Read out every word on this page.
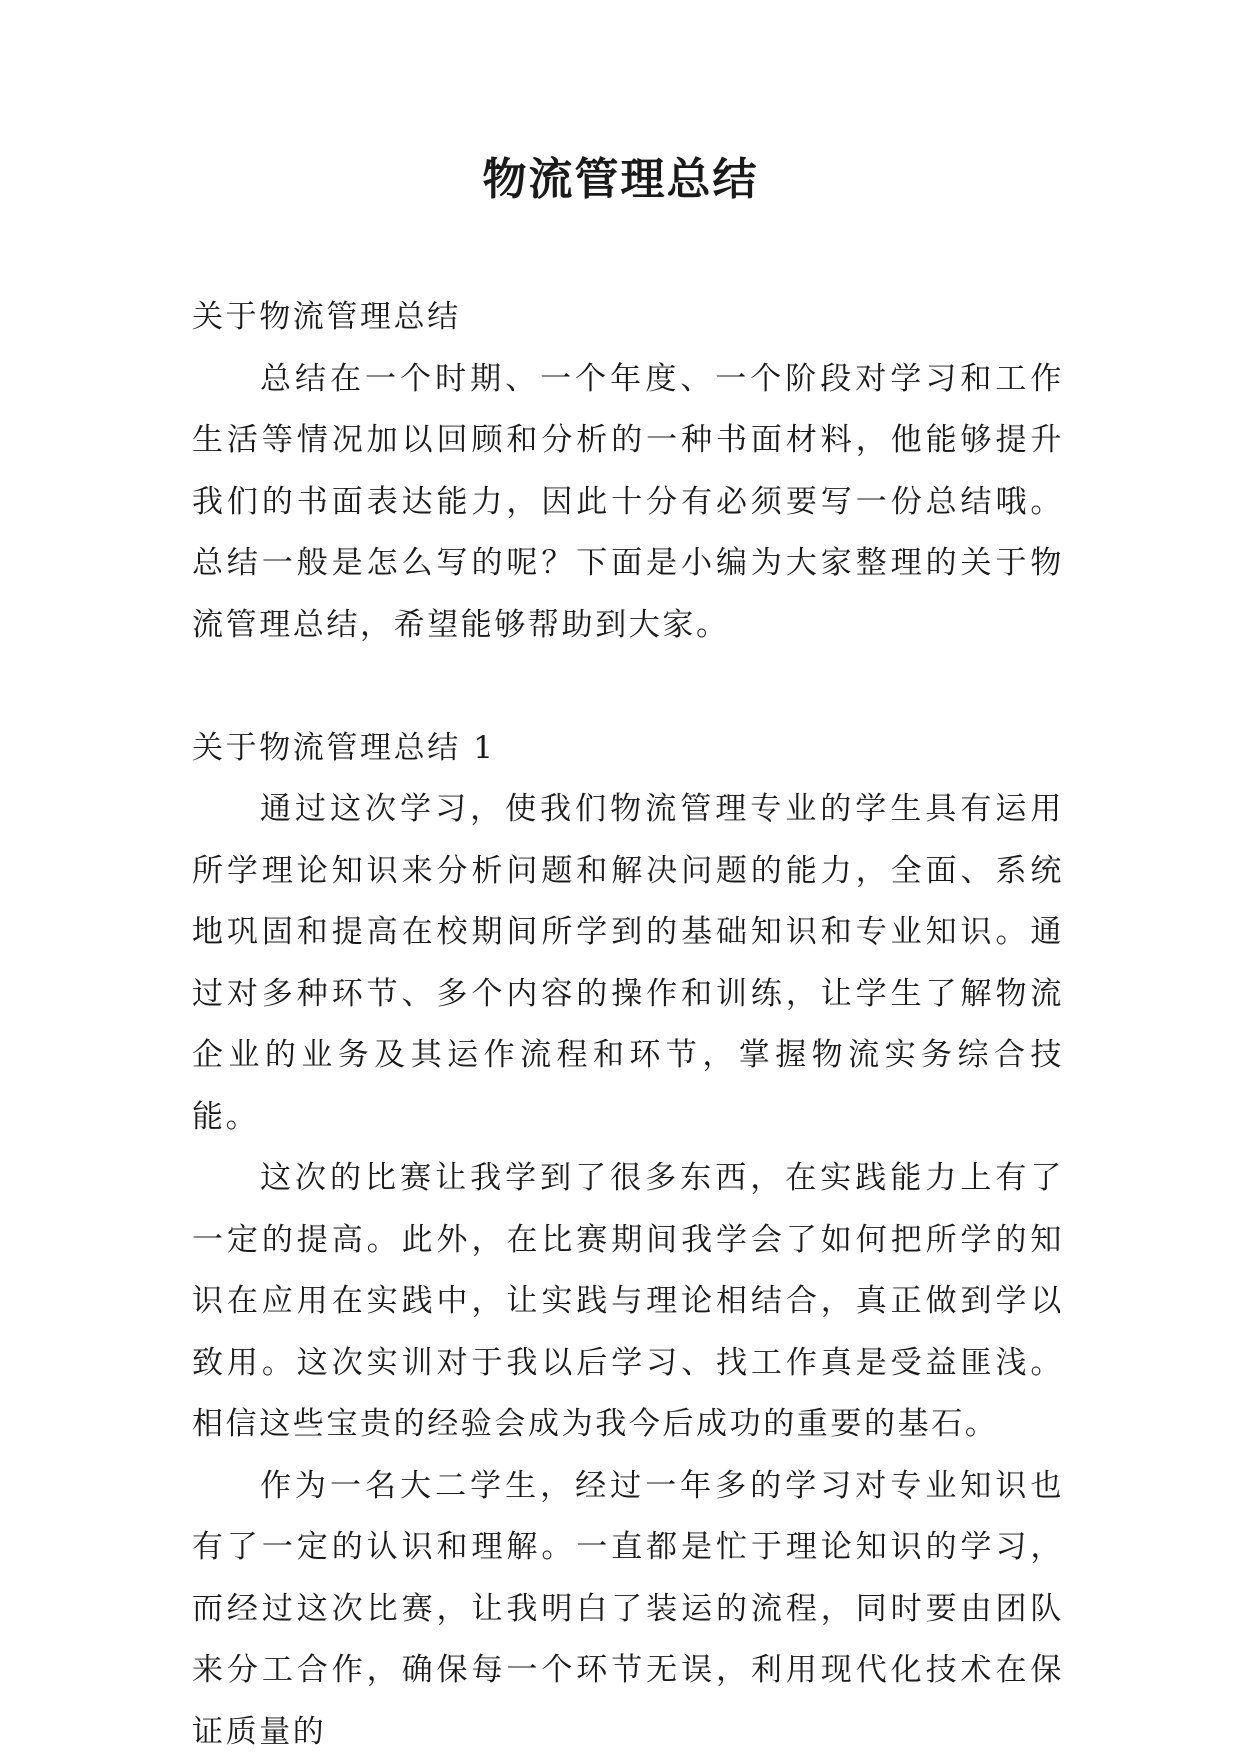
物流管理总结

关于物流管理总结

总结在一个时期、一个年度、一个阶段对学习和工作生活等情况加以回顾和分析的一种书面材料，他能够提升我们的书面表达能力，因此十分有必须要写一份总结哦。总结一般是怎么写的呢？下面是小编为大家整理的关于物流管理总结，希望能够帮助到大家。

关于物流管理总结 1

通过这次学习，使我们物流管理专业的学生具有运用所学理论知识来分析问题和解决问题的能力，全面、系统地巩固和提高在校期间所学到的基础知识和专业知识。通过对多种环节、多个内容的操作和训练，让学生了解物流企业的业务及其运作流程和环节，掌握物流实务综合技能。

这次的比赛让我学到了很多东西，在实践能力上有了一定的提高。此外，在比赛期间我学会了如何把所学的知识在应用在实践中，让实践与理论相结合，真正做到学以致用。这次实训对于我以后学习、找工作真是受益匪浅。相信这些宝贵的经验会成为我今后成功的重要的基石。

作为一名大二学生，经过一年多的学习对专业知识也有了一定的认识和理解。一直都是忙于理论知识的学习，而经过这次比赛，让我明白了装运的流程，同时要由团队来分工合作，确保每一个环节无误，利用现代化技术在保证质量的
